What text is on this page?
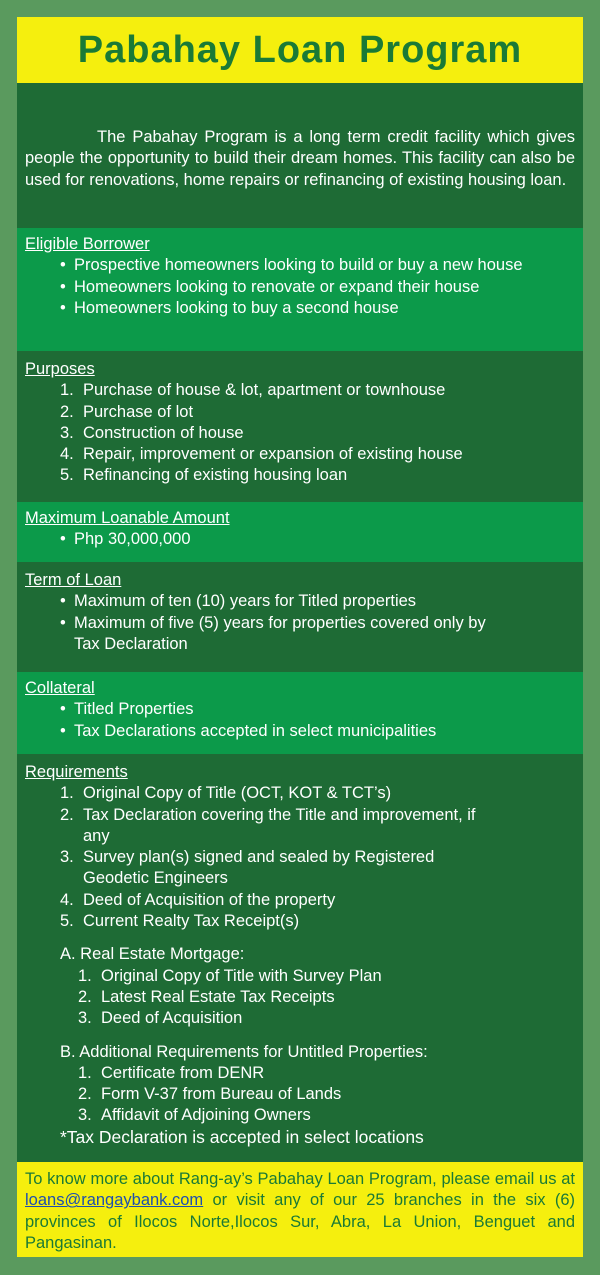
Pabahay Loan Program

The Pabahay Program is a long term credit facility which gives people the opportunity to build their dream homes. This facility can also be used for renovations, home repairs or refinancing of existing housing loan.

Eligible Borrower
• Prospective homeowners looking to build or buy a new house
• Homeowners looking to renovate or expand their house
• Homeowners looking to buy a second house
Purposes
1. Purchase of house & lot, apartment or townhouse
2. Purchase of lot
3. Construction of house
4. Repair, improvement or expansion of existing house
5. Refinancing of existing housing loan
Maximum Loanable Amount
• Php 30,000,000
Term of Loan
• Maximum of ten (10) years for Titled properties
• Maximum of five (5) years for properties covered only by Tax Declaration
Collateral
• Titled Properties
• Tax Declarations accepted in select municipalities
Requirements
1. Original Copy of Title (OCT, KOT & TCT’s)
2. Tax Declaration covering the Title and improvement, if any
3. Survey plan(s) signed and sealed by Registered Geodetic Engineers
4. Deed of Acquisition of the property
5. Current Realty Tax Receipt(s)
A. Real Estate Mortgage:
1. Original Copy of Title with Survey Plan
2. Latest Real Estate Tax Receipts
3. Deed of Acquisition
B. Additional Requirements for Untitled Properties:
1. Certificate from DENR
2. Form V-37 from Bureau of Lands
3. Affidavit of Adjoining Owners
*Tax Declaration is accepted in select locations
To know more about Rang-ay’s Pabahay Loan Program, please email us at loans@rangaybank.com or visit any of our 25 branches in the six (6) provinces of Ilocos Norte,Ilocos Sur, Abra, La Union, Benguet and Pangasinan.
